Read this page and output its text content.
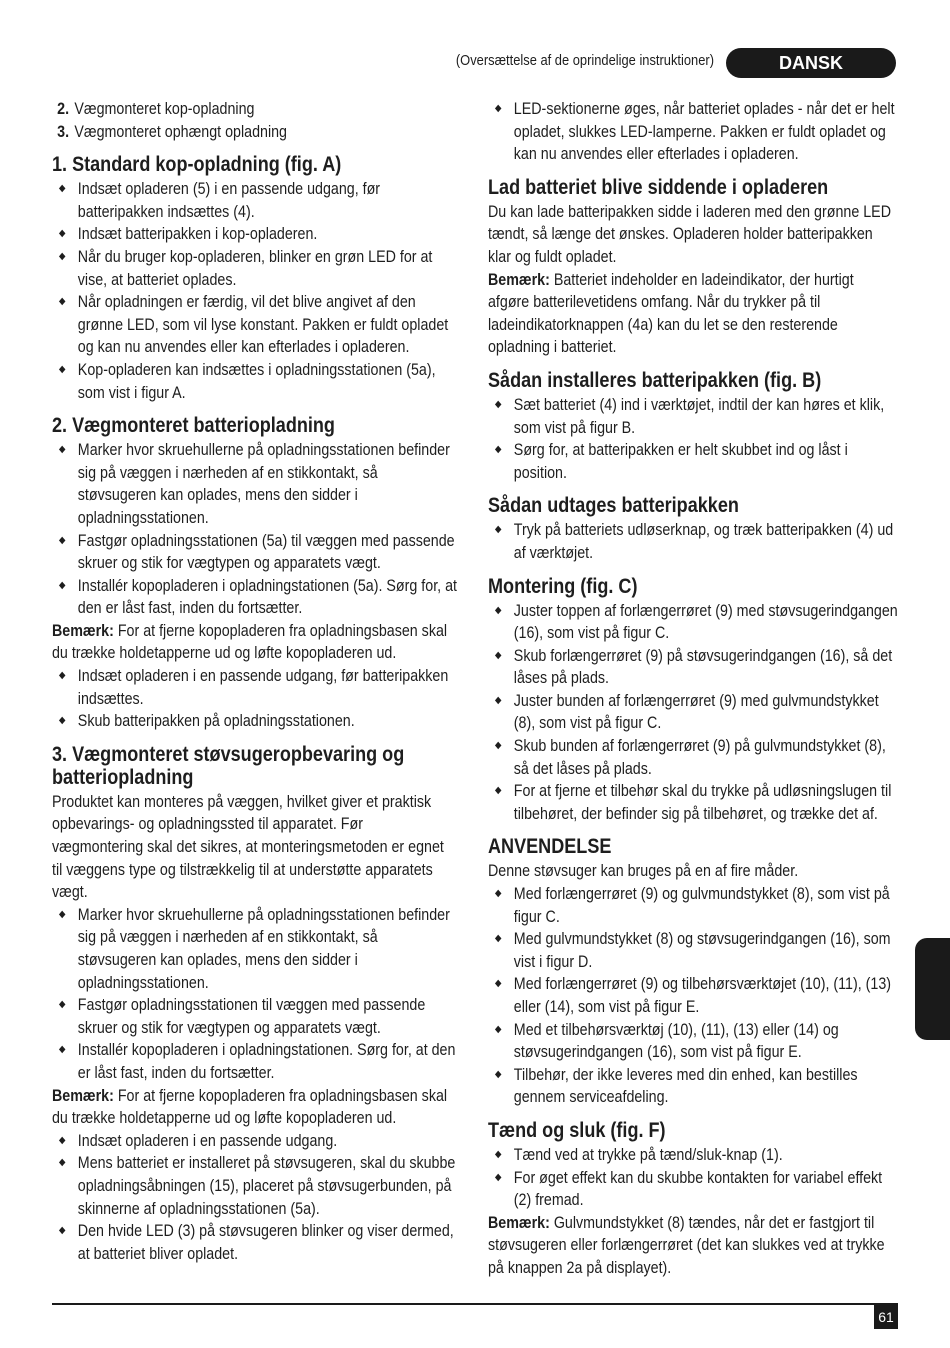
(Oversættelse af de oprindelige instruktioner)	DANSK
2. Vægmonteret kop-opladning
3. Vægmonteret ophængt opladning
1. Standard kop-opladning (fig. A)
◆ Indsæt opladeren (5) i en passende udgang, før batteripakken indsættes (4).
◆ Indsæt batteripakken i kop-opladeren.
◆ Når du bruger kop-opladeren, blinker en grøn LED for at vise, at batteriet oplades.
◆ Når opladningen er færdig, vil det blive angivet af den grønne LED, som vil lyse konstant. Pakken er fuldt opladet og kan nu anvendes eller kan efterlades i opladeren.
◆ Kop-opladeren kan indsættes i opladningsstationen (5a), som vist i figur A.
2. Vægmonteret batteriopladning
◆ Marker hvor skruehullerne på opladningsstationen befinder sig på væggen i nærheden af en stikkontakt, så støvsugeren kan oplades, mens den sidder i opladningsstationen.
◆ Fastgør opladningsstationen (5a) til væggen med passende skruer og stik for vægtypen og apparatets vægt.
◆ Installér kopopladeren i opladningstationen (5a). Sørg for, at den er låst fast, inden du fortsætter.

Bemærk: For at fjerne kopopladeren fra opladningsbasen skal du trække holdetapperne ud og løfte kopopladeren ud.

◆ Indsæt opladeren i en passende udgang, før batteripakken indsættes.
◆ Skub batteripakken på opladningsstationen.
3. Vægmonteret støvsugeropbevaring og batteriopladning

Produktet kan monteres på væggen, hvilket giver et praktisk opbevarings- og opladningssted til apparatet. Før vægmontering skal det sikres, at monteringsmetoden er egnet til væggens type og tilstrækkelig til at understøtte apparatets vægt.

◆ Marker hvor skruehullerne på opladningsstationen befinder sig på væggen i nærheden af en stikkontakt, så støvsugeren kan oplades, mens den sidder i opladningsstationen.
◆ Fastgør opladningsstationen til væggen med passende skruer og stik for vægtypen og apparatets vægt.
◆ Installér kopopladeren i opladningstationen. Sørg for, at den er låst fast, inden du fortsætter.

Bemærk: For at fjerne kopopladeren fra opladningsbasen skal du trække holdetapperne ud og løfte kopopladeren ud.

◆ Indsæt opladeren i en passende udgang.
◆ Mens batteriet er installeret på støvsugeren, skal du skubbe opladningsåbningen (15), placeret på støvsugerbunden, på skinnerne af opladningsstationen (5a).
◆ Den hvide LED (3) på støvsugeren blinker og viser dermed, at batteriet bliver opladet.
◆ LED-sektionerne øges, når batteriet oplades - når det er helt opladet, slukkes LED-lamperne. Pakken er fuldt opladet og kan nu anvendes eller efterlades i opladeren.
Lad batteriet blive siddende i opladeren

Du kan lade batteripakken sidde i laderen med den grønne LED tændt, så længe det ønskes. Opladeren holder batteripakken klar og fuldt opladet.

Bemærk: Batteriet indeholder en ladeindikator, der hurtigt afgøre batterilevetidens omfang. Når du trykker på til ladeindikatorknappen (4a) kan du let se den resterende opladning i batteriet.

Sådan installeres batteripakken (fig. B)
◆ Sæt batteriet (4) ind i værktøjet, indtil der kan høres et klik, som vist på figur B.
◆ Sørg for, at batteripakken er helt skubbet ind og låst i position.
Sådan udtages batteripakken
◆ Tryk på batteriets udløserknap, og træk batteripakken (4) ud af værktøjet.
Montering (fig. C)
◆ Juster toppen af forlængerrøret (9) med støvsugerindgangen (16), som vist på figur C.
◆ Skub forlængerrøret (9) på støvsugerindgangen (16), så det låses på plads.
◆ Juster bunden af forlængerrøret (9) med gulvmundstykket (8), som vist på figur C.
◆ Skub bunden af forlængerrøret (9) på gulvmundstykket (8), så det låses på plads.
◆ For at fjerne et tilbehør skal du trykke på udløsningslugen til tilbehøret, der befinder sig på tilbehøret, og trække det af.
ANVENDELSE

Denne støvsuger kan bruges på en af fire måder.

◆ Med forlængerrøret (9) og gulvmundstykket (8), som vist på figur C.
◆ Med gulvmundstykket (8) og støvsugerindgangen (16), som vist i figur D.
◆ Med forlængerrøret (9) og tilbehørsværktøjet (10), (11), (13) eller (14), som vist på figur E.
◆ Med et tilbehørsværktøj (10), (11), (13) eller (14) og støvsugerindgangen (16), som vist på figur E.
◆ Tilbehør, der ikke leveres med din enhed, kan bestilles gennem serviceafdeling.
Tænd og sluk (fig. F)
◆ Tænd ved at trykke på tænd/sluk-knap (1).
◆ For øget effekt kan du skubbe kontakten for variabel effekt (2) fremad.

Bemærk: Gulvmundstykket (8) tændes, når det er fastgjort til støvsugeren eller forlængerrøret (det kan slukkes ved at trykke på knappen 2a på displayet).

61
